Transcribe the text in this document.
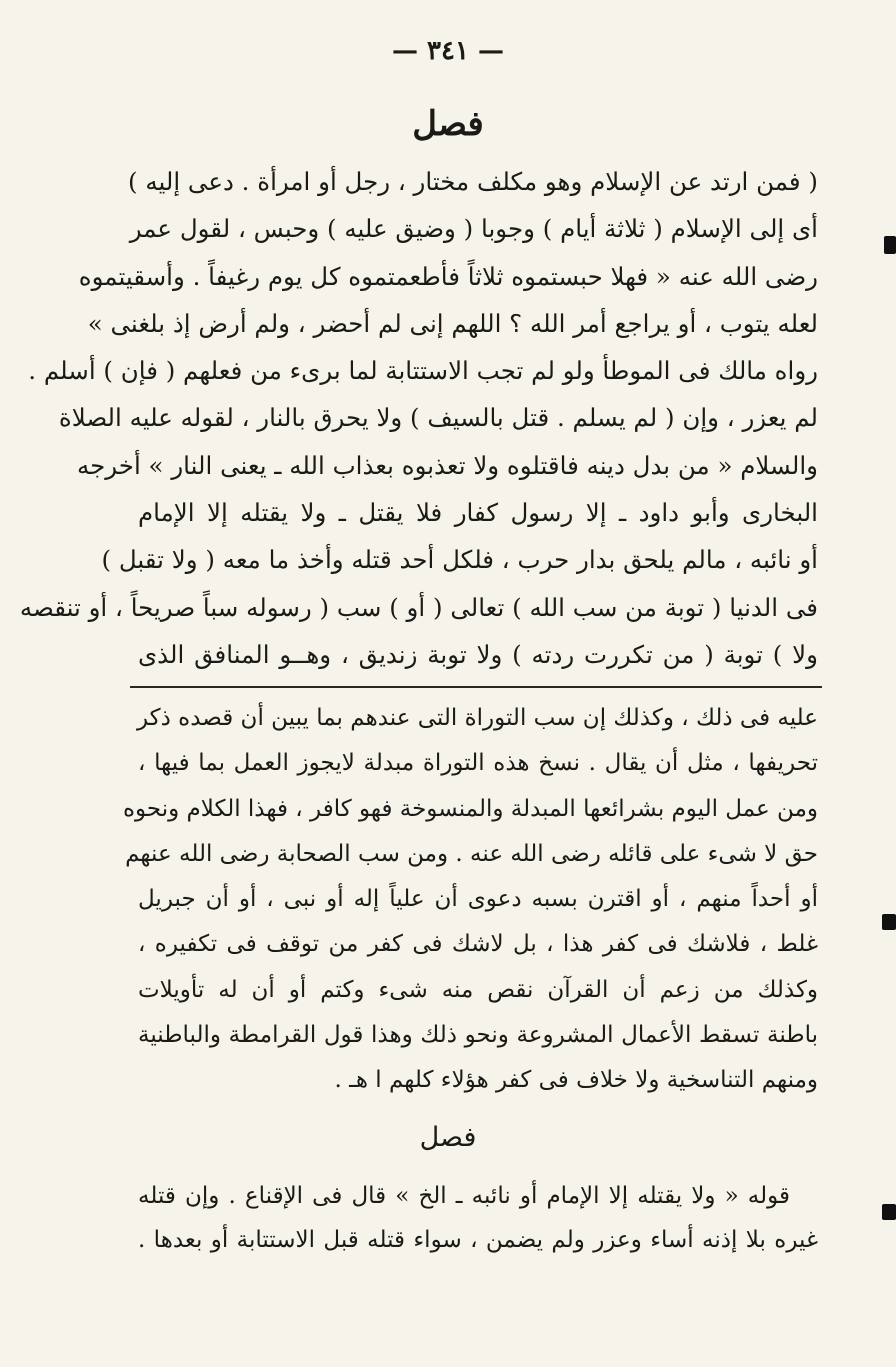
— ٣٤١ —
فصل
( فمن ارتد عن الإسلام وهو مكلف مختار ، رجل أو امرأة . دعى إليه )
أى إلى الإسلام ( ثلاثة أيام ) وجوبا ( وضيق عليه ) وحبس ، لقول عمر
رضى الله عنه « فهلا حبستموه ثلاثاً فأطعمتموه كل يوم رغيفاً . وأسقيتموه
لعله يتوب ، أو يراجع أمر الله ؟ اللهم إنى لم أحضر ، ولم أرض إذ بلغنى »
رواه مالك فى الموطأ ولو لم تجب الاستتابة لما برىء من فعلهم ( فإن ) أسلم .
لم يعزر ، وإن ( لم يسلم . قتل بالسيف ) ولا يحرق بالنار ، لقوله عليه الصلاة
والسلام « من بدل دينه فاقتلوه ولا تعذبوه بعذاب الله ـ يعنى النار » أخرجه
البخارى وأبو داود ـ إلا رسول كفار فلا يقتل ـ ولا يقتله إلا الإمام
أو نائبه ، مالم يلحق بدار حرب ، فلكل أحد قتله وأخذ ما معه ( ولا تقبل )
فى الدنيا ( توبة من سب الله ) تعالى ( أو ) سب ( رسوله سباً صريحاً ، أو تنقصه
ولا ) توبة ( من تكررت ردته ) ولا توبة زنديق ، وهــو المنافق الذى
عليه فى ذلك ، وكذلك إن سب التوراة التى عندهم بما يبين أن قصده ذكر
تحريفها ، مثل أن يقال . نسخ هذه التوراة مبدلة لايجوز العمل بما فيها ،
ومن عمل اليوم بشرائعها المبدلة والمنسوخة فهو كافر ، فهذا الكلام ونحوه
حق لا شىء على قائله رضى الله عنه . ومن سب الصحابة رضى الله عنهم
أو أحداً منهم ، أو اقترن بسبه دعوى أن علياً إله أو نبى ، أو أن جبريل
غلط ، فلاشك فى كفر هذا ، بل لاشك فى كفر من توقف فى تكفيره ،
وكذلك من زعم أن القرآن نقص منه شىء وكتم أو أن له تأويلات
باطنة تسقط الأعمال المشروعة ونحو ذلك وهذا قول القرامطة والباطنية
ومنهم التناسخية ولا خلاف فى كفر هؤلاء كلهم ا هـ .
فصل
قوله « ولا يقتله إلا الإمام أو نائبه ـ الخ » قال فى الإقناع . وإن قتله
غيره بلا إذنه أساء وعزر ولم يضمن ، سواء قتله قبل الاستتابة أو بعدها .
